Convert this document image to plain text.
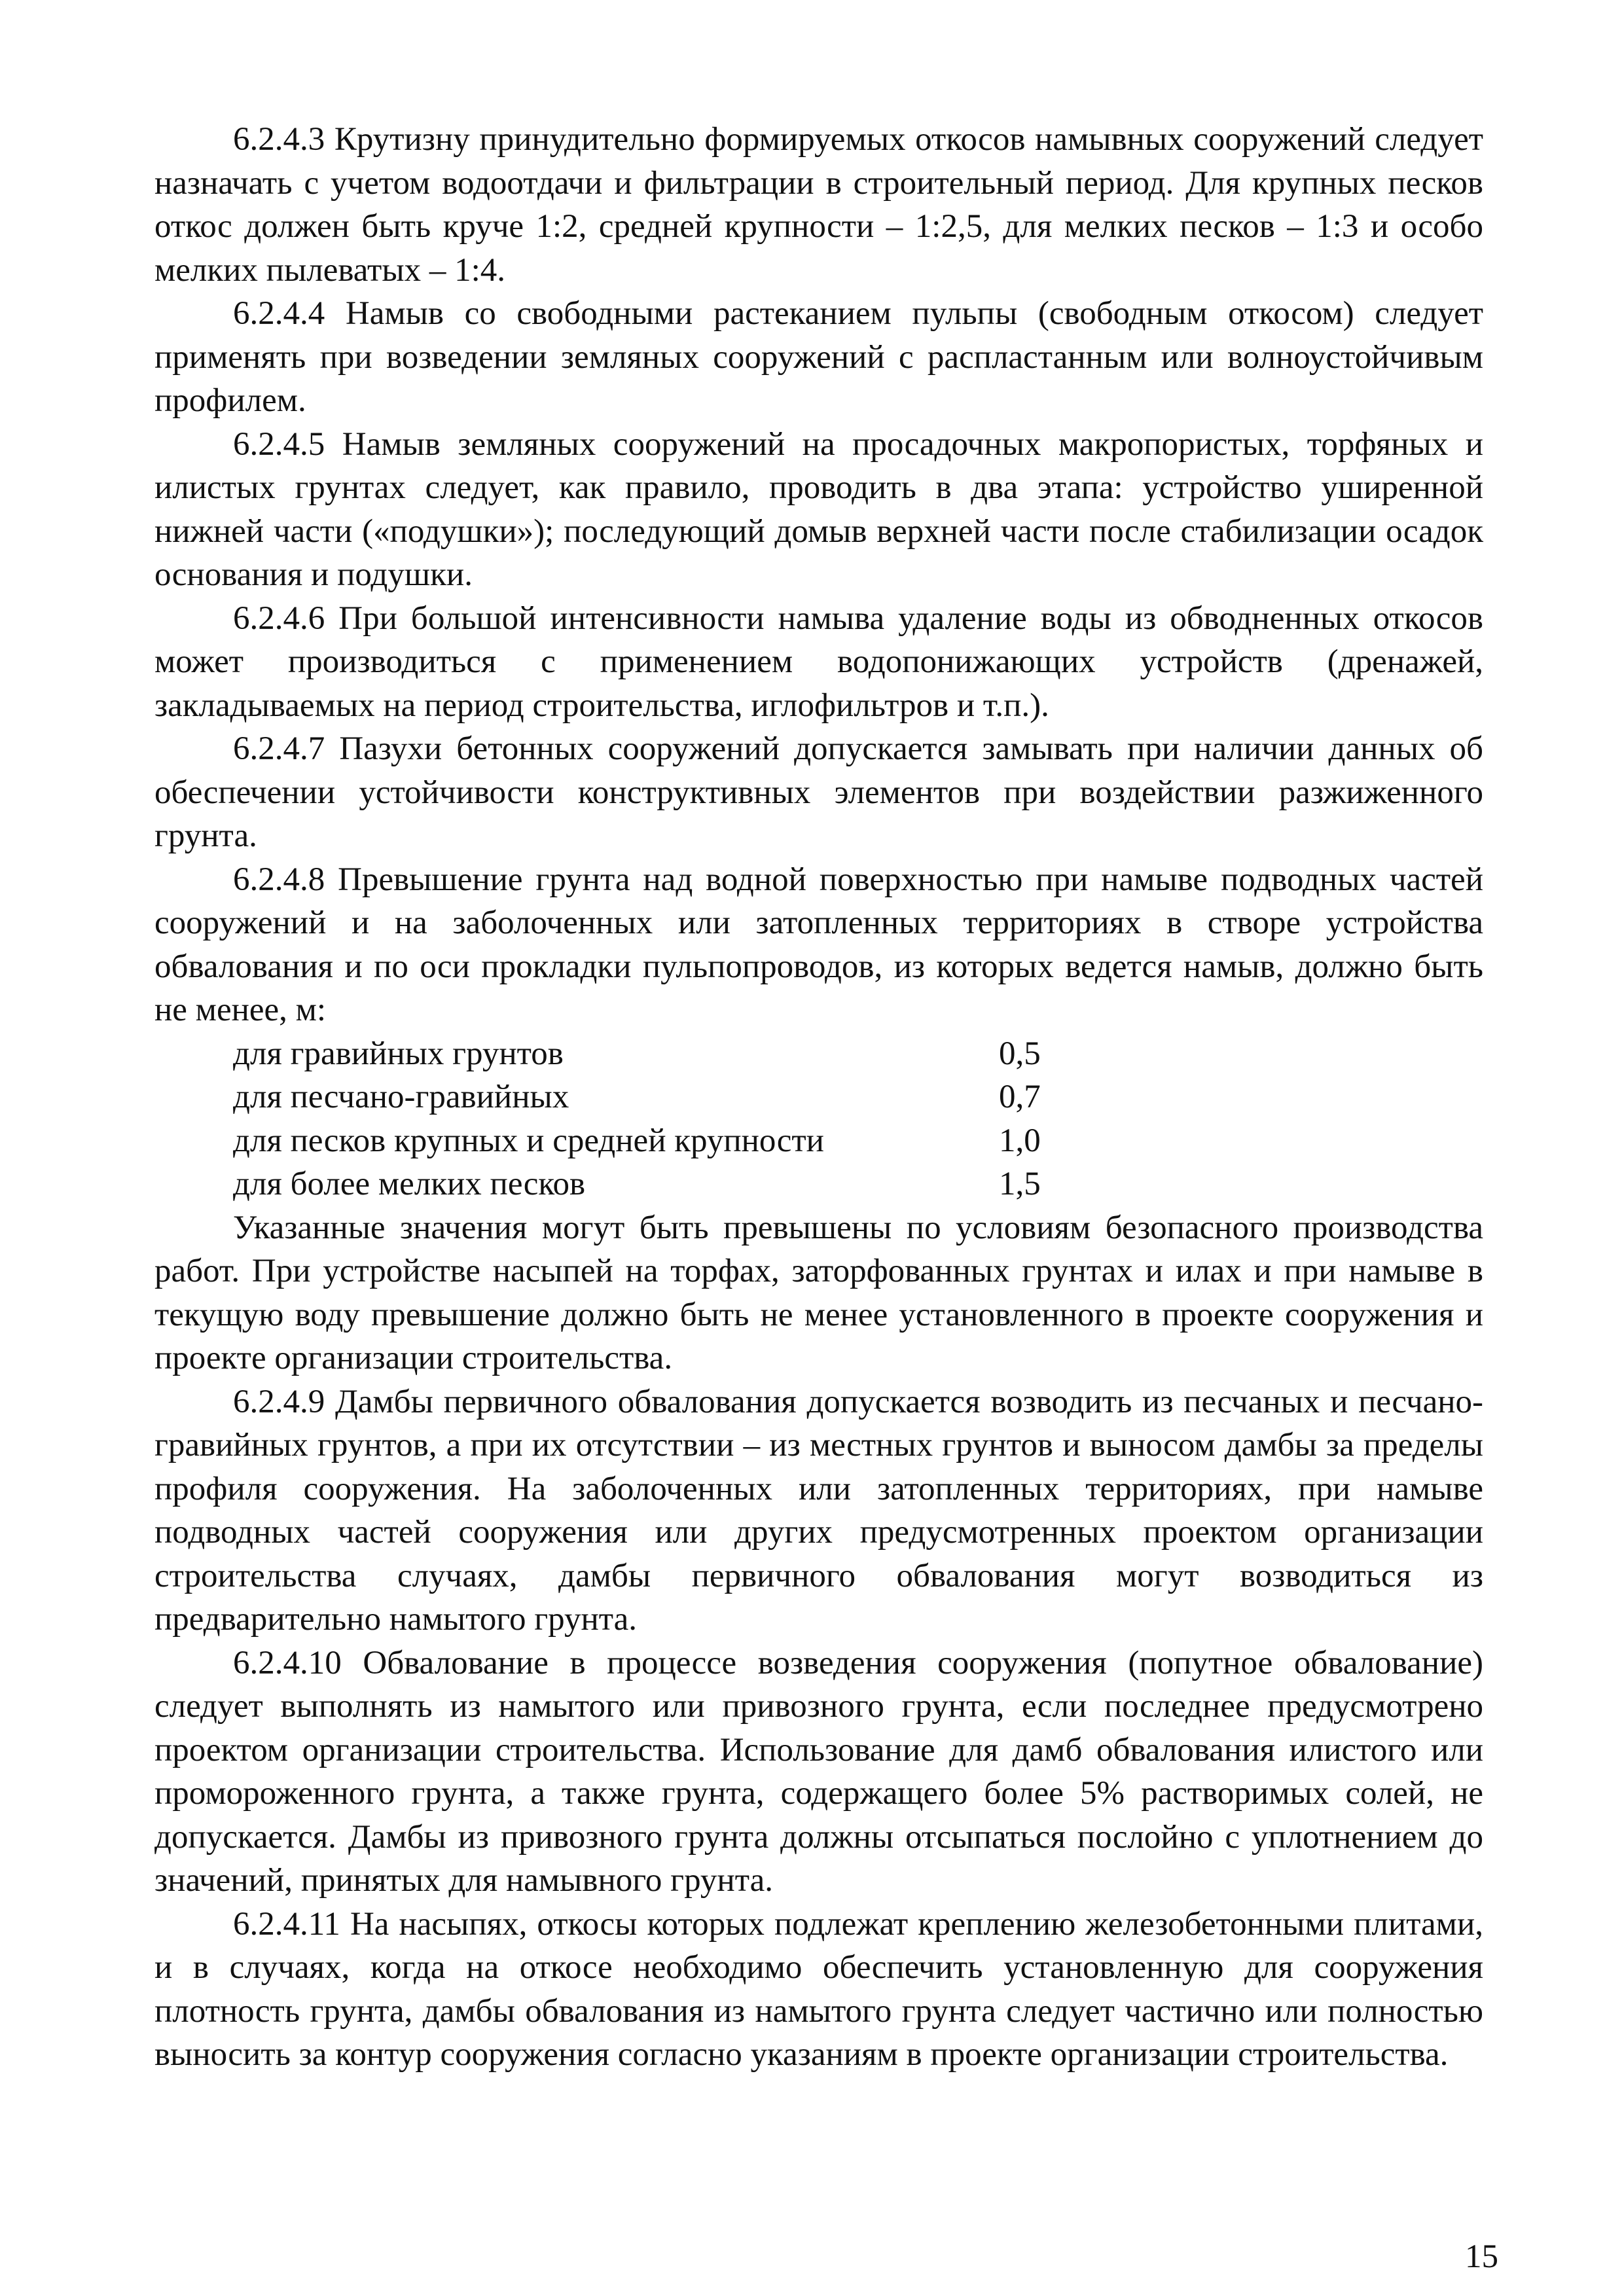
6.2.4.3 Крутизну принудительно формируемых откосов намывных сооружений следует назначать с учетом водоотдачи и фильтрации в строительный период. Для крупных песков откос должен быть круче 1:2, средней крупности – 1:2,5, для мелких песков – 1:3 и особо мелких пылеватых – 1:4.

6.2.4.4 Намыв со свободными растеканием пульпы (свободным откосом) следует применять при возведении земляных сооружений с распластанным или волноустойчивым профилем.

6.2.4.5 Намыв земляных сооружений на просадочных макропористых, торфяных и илистых грунтах следует, как правило, проводить в два этапа: устройство уширенной нижней части («подушки»); последующий домыв верхней части после стабилизации осадок основания и подушки.

6.2.4.6 При большой интенсивности намыва удаление воды из обводненных откосов может производиться с применением водопонижающих устройств (дренажей, закладываемых на период строительства, иглофильтров и т.п.).

6.2.4.7 Пазухи бетонных сооружений допускается замывать при наличии данных об обеспечении устойчивости конструктивных элементов при воздействии разжиженного грунта.

6.2.4.8 Превышение грунта над водной поверхностью при намыве подводных частей сооружений и на заболоченных или затопленных территориях в створе устройства обвалования и по оси прокладки пульпопроводов, из которых ведется намыв, должно быть не менее, м:

для гравийных грунтов	0,5
для песчано-гравийных	0,7
для песков крупных и средней крупности	1,0
для более мелких песков	1,5

Указанные значения могут быть превышены по условиям безопасного производства работ. При устройстве насыпей на торфах, заторфованных грунтах и илах и при намыве в текущую воду превышение должно быть не менее установленного в проекте сооружения и проекте организации строительства.

6.2.4.9 Дамбы первичного обвалования допускается возводить из песчаных и песчано-гравийных грунтов, а при их отсутствии – из местных грунтов и выносом дамбы за пределы профиля сооружения. На заболоченных или затопленных территориях, при намыве подводных частей сооружения или других предусмотренных проектом организации строительства случаях, дамбы первичного обвалования могут возводиться из предварительно намытого грунта.

6.2.4.10 Обвалование в процессе возведения сооружения (попутное обвалование) следует выполнять из намытого или привозного грунта, если последнее предусмотрено проектом организации строительства. Использование для дамб обвалования илистого или промороженного грунта, а также грунта, содержащего более 5% растворимых солей, не допускается. Дамбы из привозного грунта должны отсыпаться послойно с уплотнением до значений, принятых для намывного грунта.

6.2.4.11 На насыпях, откосы которых подлежат креплению железобетонными плитами, и в случаях, когда на откосе необходимо обеспечить установленную для сооружения плотность грунта, дамбы обвалования из намытого грунта следует частично или полностью выносить за контур сооружения согласно указаниям в проекте организации строительства.

15
